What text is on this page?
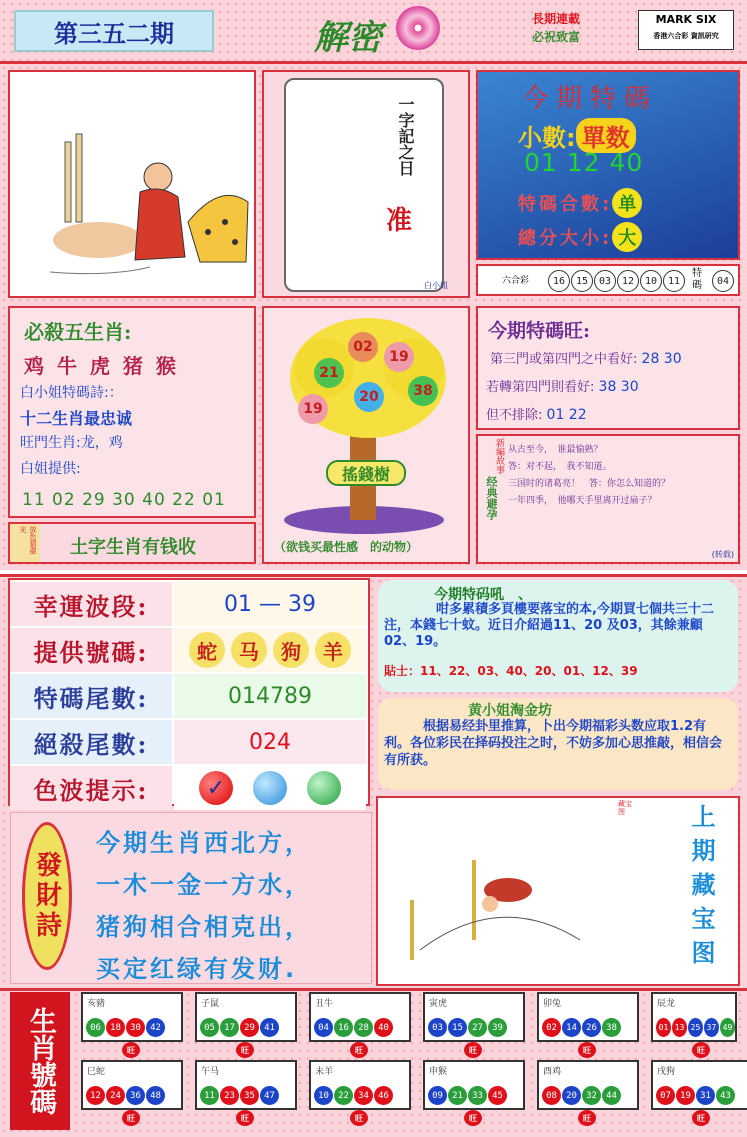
第三五二期	解密	長期連載
必祝致富
MARK SIX
香港六合彩 資訊研究
一字記之日
准
白小姐
今期特碼
小數: 單数
01 12 40
特碼合數: 单
總分大小: 大
六合彩	16	15	03	12	10	11
特碼	04
必殺五生肖:
鸡 牛 虎 猪 猴
白小姐特碼詩:：
十二生肖最忠诚
旺門生肖:龙，鸡
白姐提供:
11 02 29 30 40 22 01
放色猜盡光
土字生肖有钱收
02
19
21
20	38
19
搖錢樹
（欲钱买最性感　的动物）
今期特碼旺:
第三門或第四門之中看好: 28 30
若轉第四門則看好: 38 30
但不排除: 01 22
新編故事
经典避孕
从古至今，　谁最愉熟？
答：对不起，　我不知道。
三国时的诸葛亮！　答：你怎么知道的？
一年四季，　他哪天手里离开过扇子？
(转载)
幸運波段:	01 — 39
提供號碼:	蛇	马	狗	羊
特碼尾數:	014789
絕殺尾數:	024
色波提示:	✓
今期特码吼　、
咁多累積多頁樓要落宝的本,今期買七個共三十二注，本錢七十蚊。近日介紹過11、20 及03，其餘兼顧 02、19。
貼士：11、22、03、40、20、01、12、39
黄小姐淘金坊
根据易经卦里推算，卜出今期福彩头数应取1.2有利。各位彩民在择码投注之时，不妨多加心思推敲，相信会有所获。
發財詩
今期生肖西北方，
一木一金一方水，
猪狗相合相克出，
买定红绿有发财.
藏宝图	上期藏宝图
生肖號碼
亥豬
06	18	30	42
旺
子鼠
05	17	29	41
旺
丑牛
04	16	28	40
旺
寅虎
03	15	27	39
旺
卯兔
02	14	26	38
旺
辰龙
01 13 25 37 49
旺
巳蛇
12	24	36	48
旺
午马
11	23	35	47
旺
未羊
10	22	34	46
旺
申猴
09	21	33	45
旺
酉鸡
08	20	32	44
旺
戌狗
07	19	31	43
旺
